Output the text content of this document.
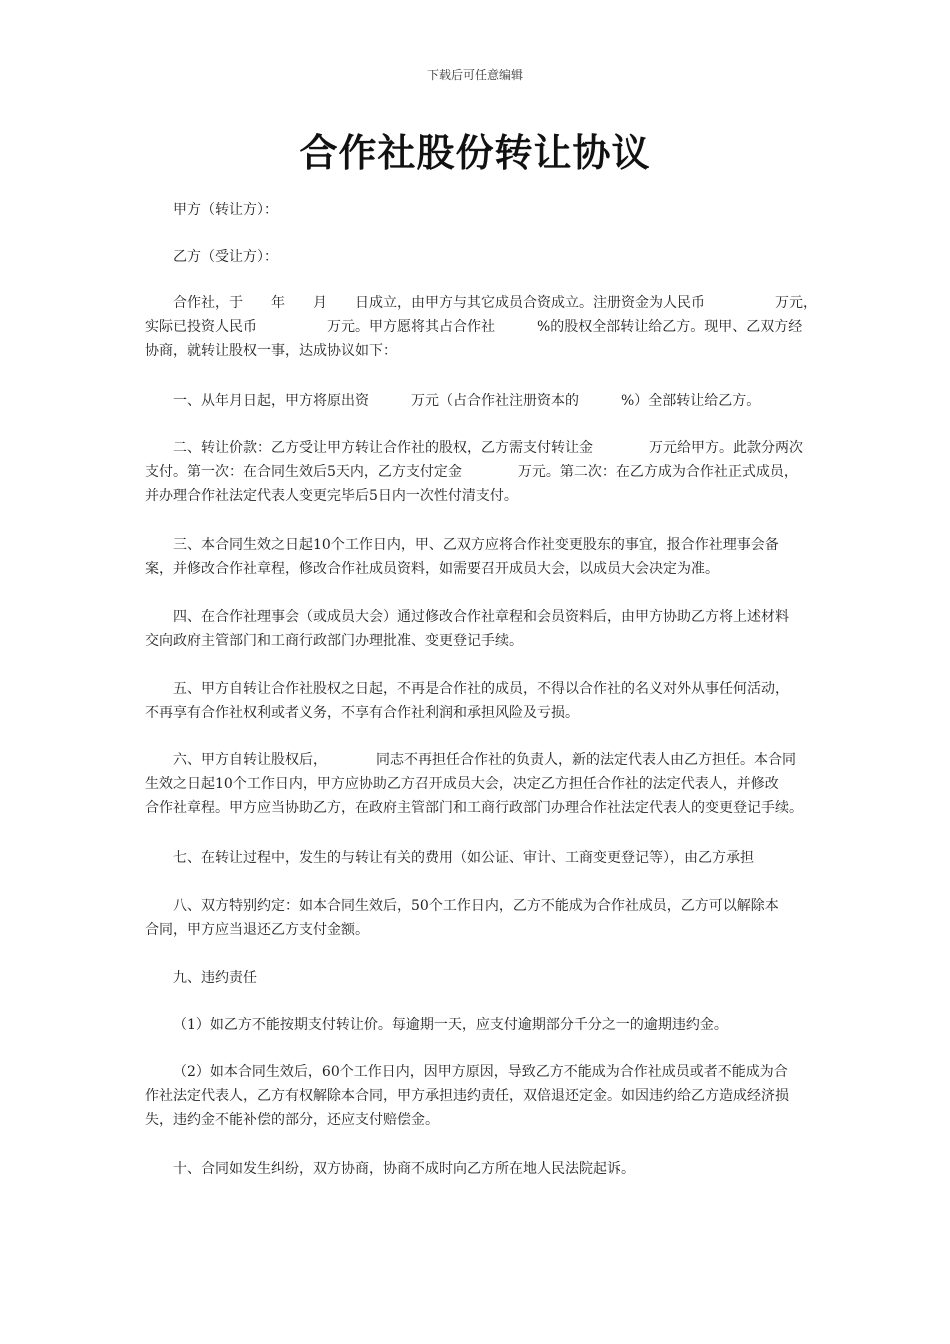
下载后可任意编辑
合作社股份转让协议

甲方（转让方）：

乙方（受让方）：

合作社，于　　年　　月　　日成立，由甲方与其它成员合资成立。注册资金为人民币　　　　　万元，
实际已投资人民币　　　　　万元。甲方愿将其占合作社　　　%的股权全部转让给乙方。现甲、乙双方经
协商，就转让股权一事，达成协议如下：

一、从年月日起，甲方将原出资　　　万元（占合作社注册资本的　　　%）全部转让给乙方。

二、转让价款：乙方受让甲方转让合作社的股权，乙方需支付转让金　　　　万元给甲方。此款分两次
支付。第一次：在合同生效后5天内，乙方支付定金　　　　万元。第二次：在乙方成为合作社正式成员，
并办理合作社法定代表人变更完毕后5日内一次性付清支付。

三、本合同生效之日起10个工作日内，甲、乙双方应将合作社变更股东的事宜，报合作社理事会备
案，并修改合作社章程，修改合作社成员资料，如需要召开成员大会，以成员大会决定为准。

四、在合作社理事会（或成员大会）通过修改合作社章程和会员资料后，由甲方协助乙方将上述材料
交向政府主管部门和工商行政部门办理批准、变更登记手续。

五、甲方自转让合作社股权之日起，不再是合作社的成员，不得以合作社的名义对外从事任何活动，
不再享有合作社权利或者义务，不享有合作社利润和承担风险及亏损。

六、甲方自转让股权后，　　　　同志不再担任合作社的负责人，新的法定代表人由乙方担任。本合同
生效之日起10个工作日内，甲方应协助乙方召开成员大会，决定乙方担任合作社的法定代表人，并修改
合作社章程。甲方应当协助乙方，在政府主管部门和工商行政部门办理合作社法定代表人的变更登记手续。

七、在转让过程中，发生的与转让有关的费用（如公证、审计、工商变更登记等），由乙方承担

八、双方特别约定：如本合同生效后，50个工作日内，乙方不能成为合作社成员，乙方可以解除本
合同，甲方应当退还乙方支付金额。

九、违约责任

（1）如乙方不能按期支付转让价。每逾期一天，应支付逾期部分千分之一的逾期违约金。

（2）如本合同生效后，60个工作日内，因甲方原因，导致乙方不能成为合作社成员或者不能成为合
作社法定代表人，乙方有权解除本合同，甲方承担违约责任，双倍退还定金。如因违约给乙方造成经济损
失，违约金不能补偿的部分，还应支付赔偿金。

十、合同如发生纠纷，双方协商，协商不成时向乙方所在地人民法院起诉。
